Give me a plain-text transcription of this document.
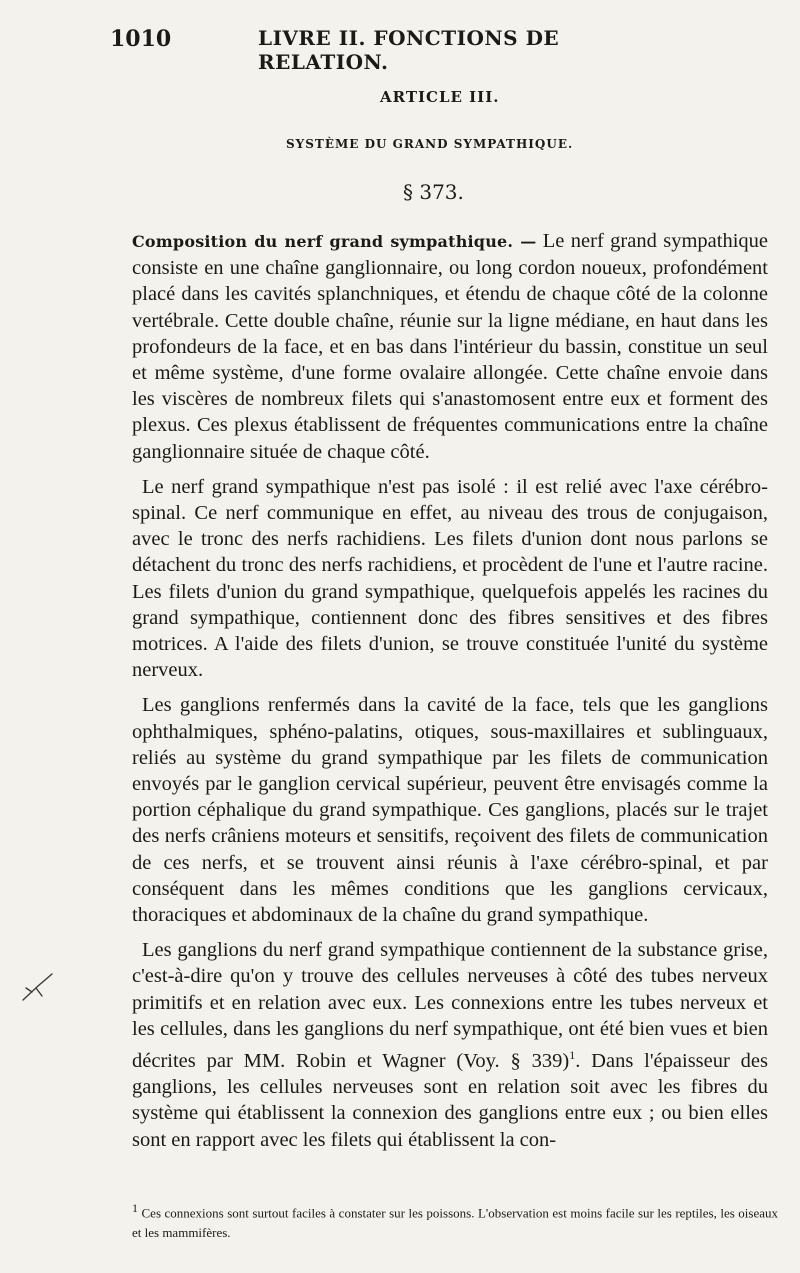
1010	LIVRE II. FONCTIONS DE RELATION.
ARTICLE III.
SYSTÈME DU GRAND SYMPATHIQUE.
§ 373.

Composition du nerf grand sympathique. — Le nerf grand sympathique consiste en une chaîne ganglionnaire, ou long cordon noueux, profondément placé dans les cavités splanchniques, et étendu de chaque côté de la colonne vertébrale. Cette double chaîne, réunie sur la ligne médiane, en haut dans les profondeurs de la face, et en bas dans l'intérieur du bassin, constitue un seul et même système, d'une forme ovalaire allongée. Cette chaîne envoie dans les viscères de nombreux filets qui s'anastomosent entre eux et forment des plexus. Ces plexus établissent de fréquentes communications entre la chaîne ganglionnaire située de chaque côté.

Le nerf grand sympathique n'est pas isolé : il est relié avec l'axe cérébro-spinal. Ce nerf communique en effet, au niveau des trous de conjugaison, avec le tronc des nerfs rachidiens. Les filets d'union dont nous parlons se détachent du tronc des nerfs rachidiens, et procèdent de l'une et l'autre racine. Les filets d'union du grand sympathique, quelquefois appelés les racines du grand sympathique, contiennent donc des fibres sensitives et des fibres motrices. A l'aide des filets d'union, se trouve constituée l'unité du système nerveux.

Les ganglions renfermés dans la cavité de la face, tels que les ganglions ophthalmiques, sphéno-palatins, otiques, sous-maxillaires et sublinguaux, reliés au système du grand sympathique par les filets de communication envoyés par le ganglion cervical supérieur, peuvent être envisagés comme la portion céphalique du grand sympathique. Ces ganglions, placés sur le trajet des nerfs crâniens moteurs et sensitifs, reçoivent des filets de communication de ces nerfs, et se trouvent ainsi réunis à l'axe cérébro-spinal, et par conséquent dans les mêmes conditions que les ganglions cervicaux, thoraciques et abdominaux de la chaîne du grand sympathique.

Les ganglions du nerf grand sympathique contiennent de la substance grise, c'est-à-dire qu'on y trouve des cellules nerveuses à côté des tubes nerveux primitifs et en relation avec eux. Les connexions entre les tubes nerveux et les cellules, dans les ganglions du nerf sympathique, ont été bien vues et bien décrites par MM. Robin et Wagner (Voy. § 339)$^1$. Dans l'épaisseur des ganglions, les cellules nerveuses sont en relation soit avec les fibres du système qui établissent la connexion des ganglions entre eux ; ou bien elles sont en rapport avec les filets qui établissent la con-

$^1$ Ces connexions sont surtout faciles à constater sur les poissons. L'observation est moins facile sur les reptiles, les oiseaux et les mammifères.
